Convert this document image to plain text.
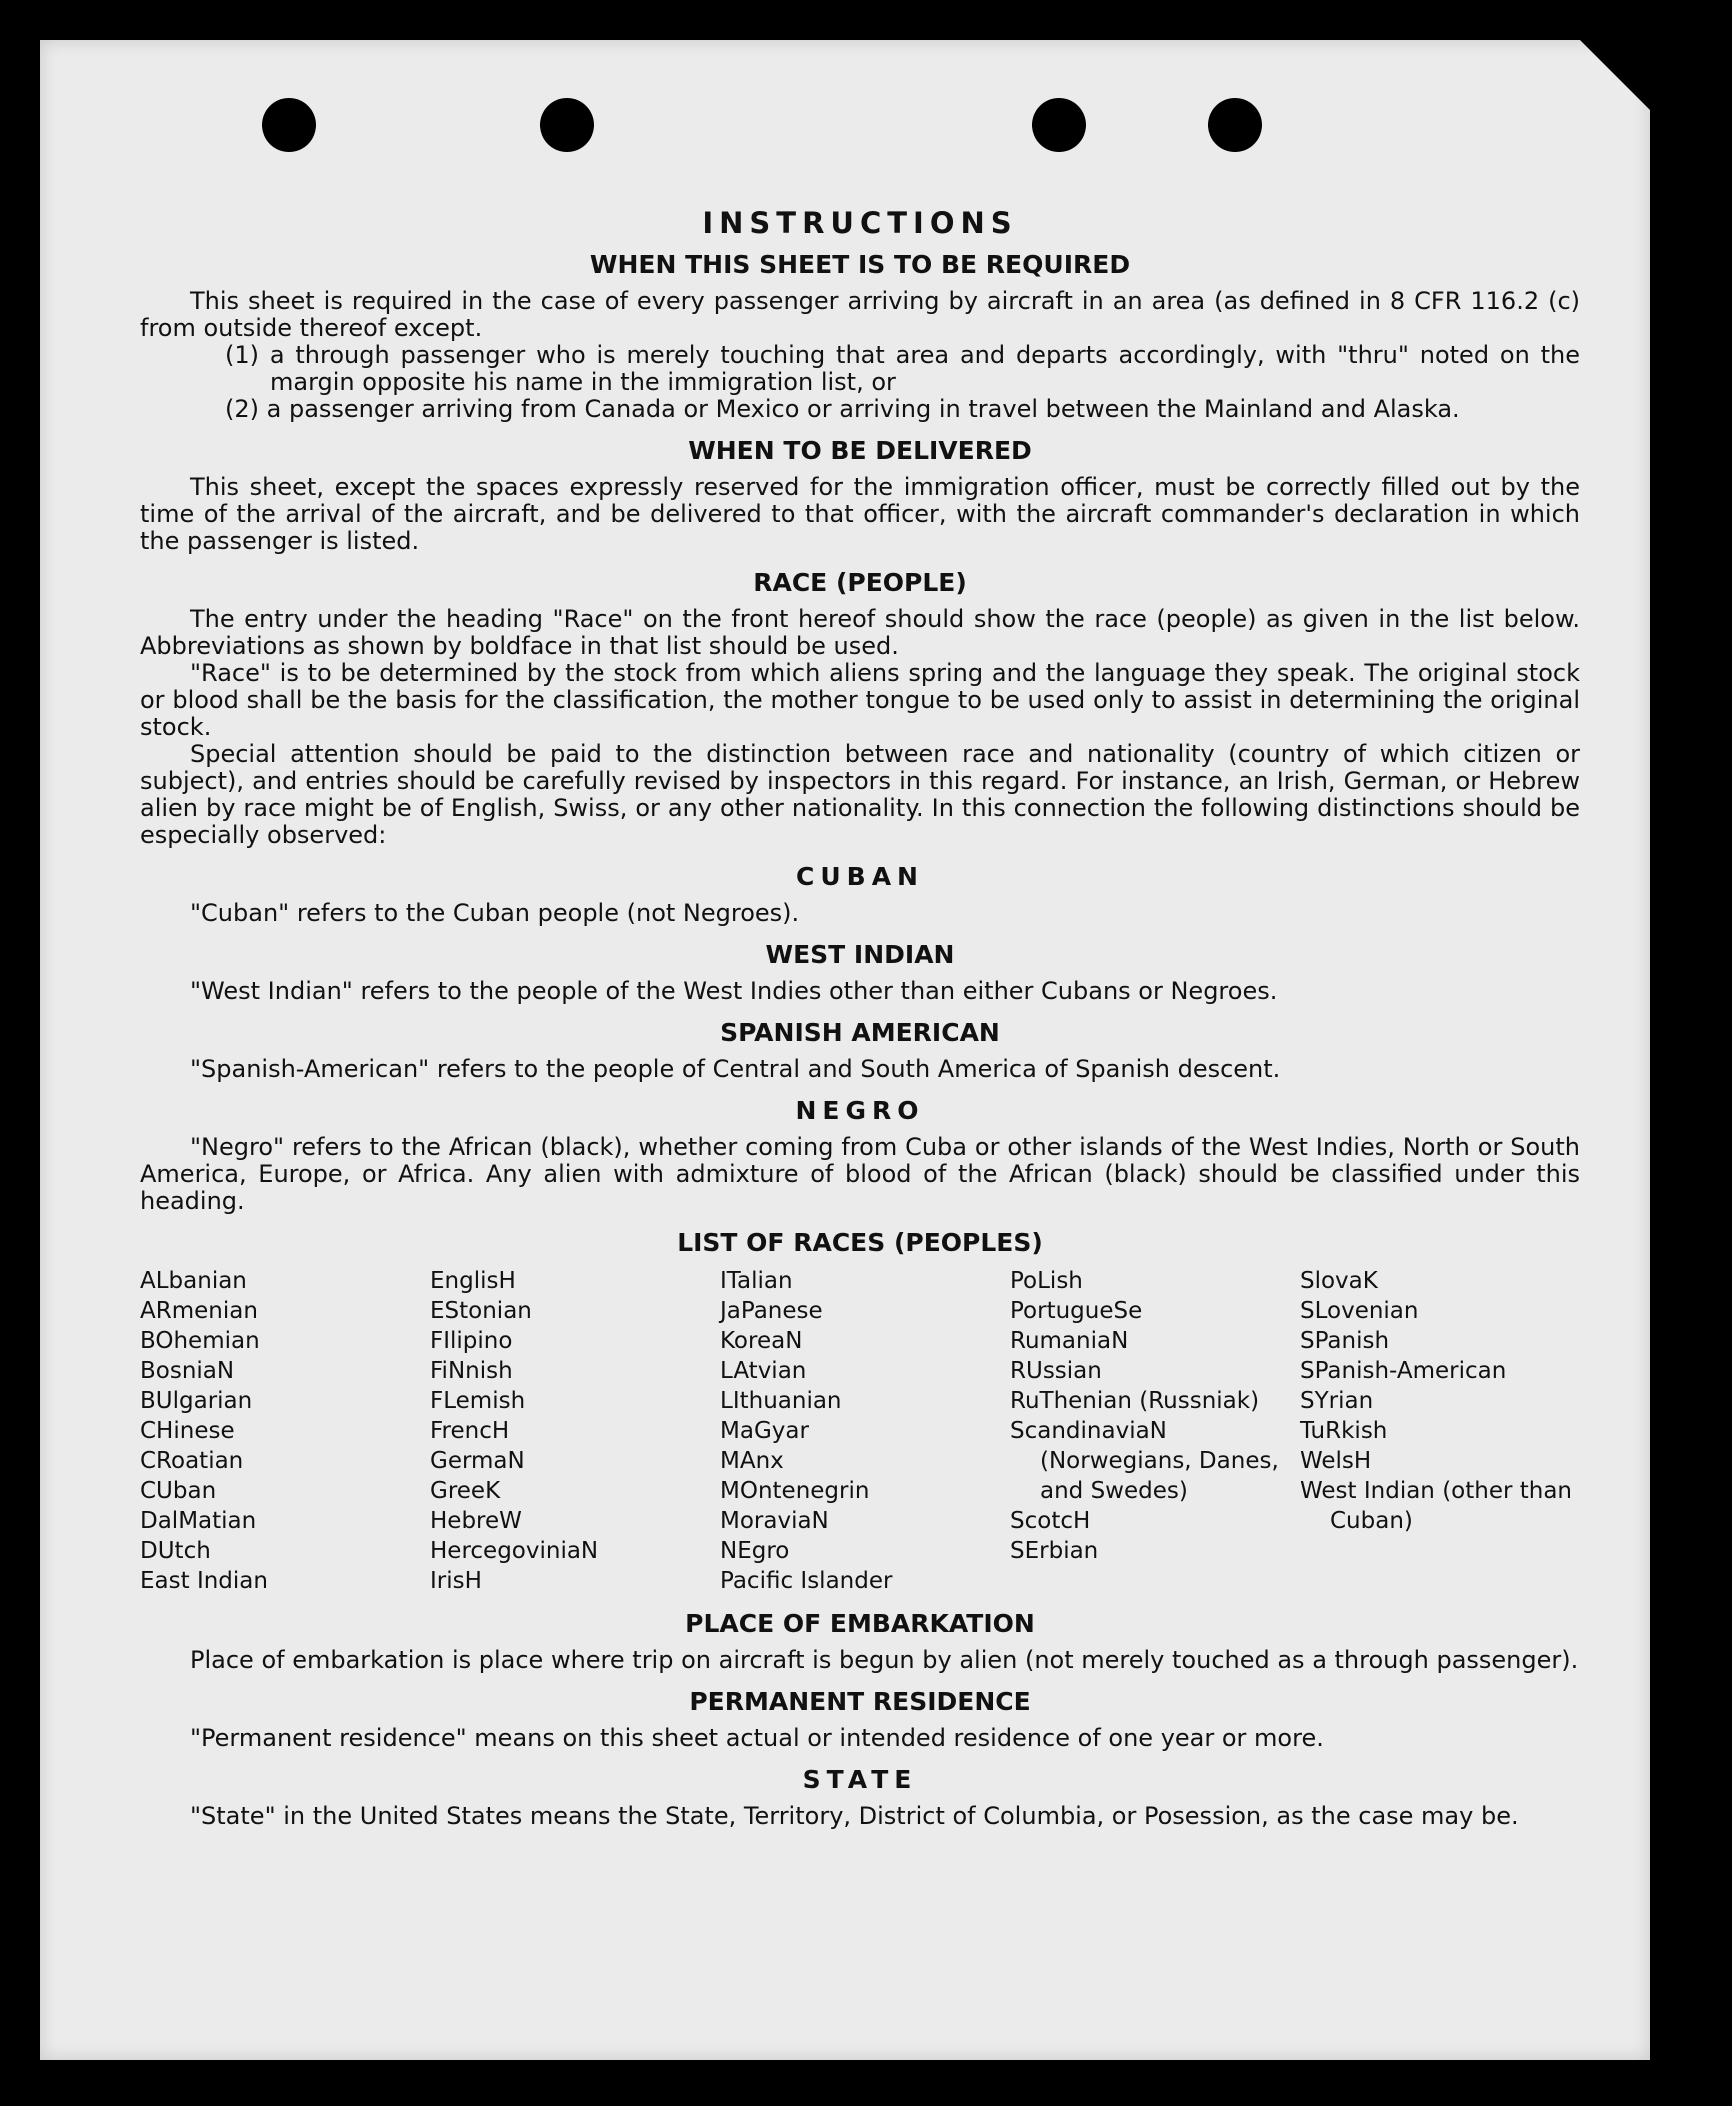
INSTRUCTIONS
WHEN THIS SHEET IS TO BE REQUIRED

This sheet is required in the case of every passenger arriving by aircraft in an area (as defined in 8 CFR 116.2 (c) from outside thereof except.

(1) a through passenger who is merely touching that area and departs accordingly, with "thru" noted on the margin opposite his name in the immigration list, or

(2) a passenger arriving from Canada or Mexico or arriving in travel between the Mainland and Alaska.

WHEN TO BE DELIVERED

This sheet, except the spaces expressly reserved for the immigration officer, must be correctly filled out by the time of the arrival of the aircraft, and be delivered to that officer, with the aircraft commander's declaration in which the passenger is listed.

RACE (PEOPLE)

The entry under the heading "Race" on the front hereof should show the race (people) as given in the list below. Abbreviations as shown by boldface in that list should be used.

"Race" is to be determined by the stock from which aliens spring and the language they speak. The original stock or blood shall be the basis for the classification, the mother tongue to be used only to assist in determining the original stock.

Special attention should be paid to the distinction between race and nationality (country of which citizen or subject), and entries should be carefully revised by inspectors in this regard. For instance, an Irish, German, or Hebrew alien by race might be of English, Swiss, or any other nationality. In this connection the following distinctions should be especially observed:

CUBAN

"Cuban" refers to the Cuban people (not Negroes).

WEST INDIAN

"West Indian" refers to the people of the West Indies other than either Cubans or Negroes.

SPANISH AMERICAN

"Spanish-American" refers to the people of Central and South America of Spanish descent.

NEGRO

"Negro" refers to the African (black), whether coming from Cuba or other islands of the West Indies, North or South America, Europe, or Africa. Any alien with admixture of blood of the African (black) should be classified under this heading.

LIST OF RACES (PEOPLES)
ALbanian
ARmenian
BOhemian
BosniaN
BUlgarian
CHinese
CRoatian
CUban
DalMatian
DUtch
East Indian
EnglisH
EStonian
FIlipino
FiNnish
FLemish
FrencH
GermaN
GreeK
HebreW
HercegoviniaN
IrisH
ITalian
JaPanese
KoreaN
LAtvian
LIthuanian
MaGyar
MAnx
MOntenegrin
MoraviaN
NEgro
Pacific Islander
PoLish
PortugueSe
RumaniaN
RUssian
RuThenian (Russniak)
ScandinaviaN (Norwegians, Danes, and Swedes)
ScotcH
SErbian
SlovaK
SLovenian
SPanish
SPanish-American
SYrian
TuRkish
WelsH
West Indian (other than Cuban)
PLACE OF EMBARKATION

Place of embarkation is place where trip on aircraft is begun by alien (not merely touched as a through passenger).

PERMANENT RESIDENCE

"Permanent residence" means on this sheet actual or intended residence of one year or more.

STATE

"State" in the United States means the State, Territory, District of Columbia, or Posession, as the case may be.
